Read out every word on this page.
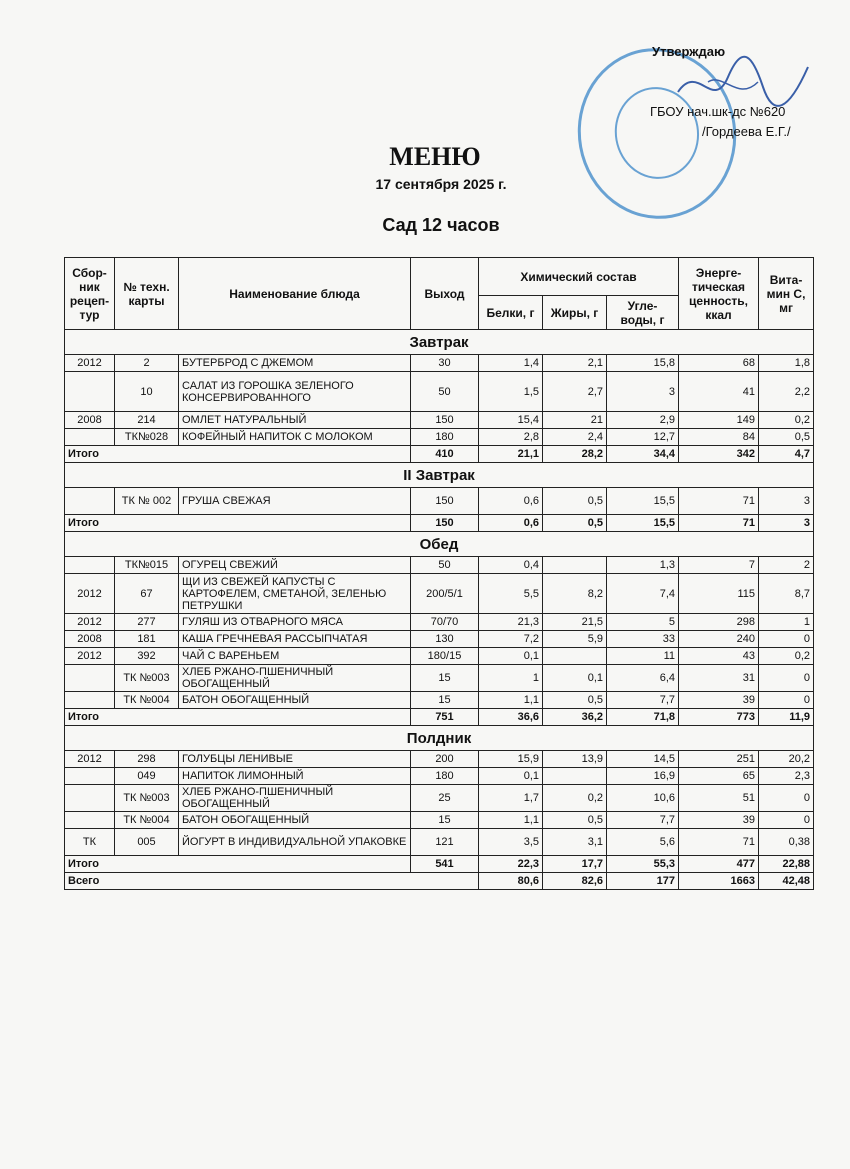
Утверждаю
ГБОУ нач.шк-дс №620
/Гордеева Е.Г./
МЕНЮ
17 сентября 2025 г.
Сад 12 часов
Сбор-ник рецеп-тур	№ техн. карты	Наименование блюда	Выход	Химический состав			Энерге-тическая ценность, ккал	Вита-мин С, мг
				Белки, г	Жиры, г	Угле-воды, г		
Завтрак								
2012	2	БУТЕРБРОД С ДЖЕМОМ	30	1,4	2,1	15,8	68	1,8
	10	САЛАТ ИЗ ГОРОШКА ЗЕЛЕНОГО КОНСЕРВИРОВАННОГО	50	1,5	2,7	3	41	2,2
2008	214	ОМЛЕТ НАТУРАЛЬНЫЙ	150	15,4	21	2,9	149	0,2
	ТК№028	КОФЕЙНЫЙ НАПИТОК С МОЛОКОМ	180	2,8	2,4	12,7	84	0,5
Итого			410	21,1	28,2	34,4	342	4,7
II Завтрак								
	ТК № 002	ГРУША СВЕЖАЯ	150	0,6	0,5	15,5	71	3
Итого			150	0,6	0,5	15,5	71	3
Обед								
	ТК№015	ОГУРЕЦ СВЕЖИЙ	50	0,4		1,3	7	2
2012	67	ЩИ ИЗ СВЕЖЕЙ КАПУСТЫ С КАРТОФЕЛЕМ, СМЕТАНОЙ, ЗЕЛЕНЬЮ ПЕТРУШКИ	200/5/1	5,5	8,2	7,4	115	8,7
2012	277	ГУЛЯШ ИЗ ОТВАРНОГО МЯСА	70/70	21,3	21,5	5	298	1
2008	181	КАША ГРЕЧНЕВАЯ РАССЫПЧАТАЯ	130	7,2	5,9	33	240	0
2012	392	ЧАЙ С ВАРЕНЬЕМ	180/15	0,1		11	43	0,2
	ТК №003	ХЛЕБ РЖАНО-ПШЕНИЧНЫЙ ОБОГАЩЕННЫЙ	15	1	0,1	6,4	31	0
	ТК №004	БАТОН ОБОГАЩЕННЫЙ	15	1,1	0,5	7,7	39	0
Итого			751	36,6	36,2	71,8	773	11,9
Полдник								
2012	298	ГОЛУБЦЫ ЛЕНИВЫЕ	200	15,9	13,9	14,5	251	20,2
	049	НАПИТОК ЛИМОННЫЙ	180	0,1		16,9	65	2,3
	ТК №003	ХЛЕБ РЖАНО-ПШЕНИЧНЫЙ ОБОГАЩЕННЫЙ	25	1,7	0,2	10,6	51	0
	ТК №004	БАТОН ОБОГАЩЕННЫЙ	15	1,1	0,5	7,7	39	0
ТК	005	ЙОГУРТ В ИНДИВИДУАЛЬНОЙ УПАКОВКЕ	121	3,5	3,1	5,6	71	0,38
Итого			541	22,3	17,7	55,3	477	22,88
Всего				80,6	82,6	177	1663	42,48
